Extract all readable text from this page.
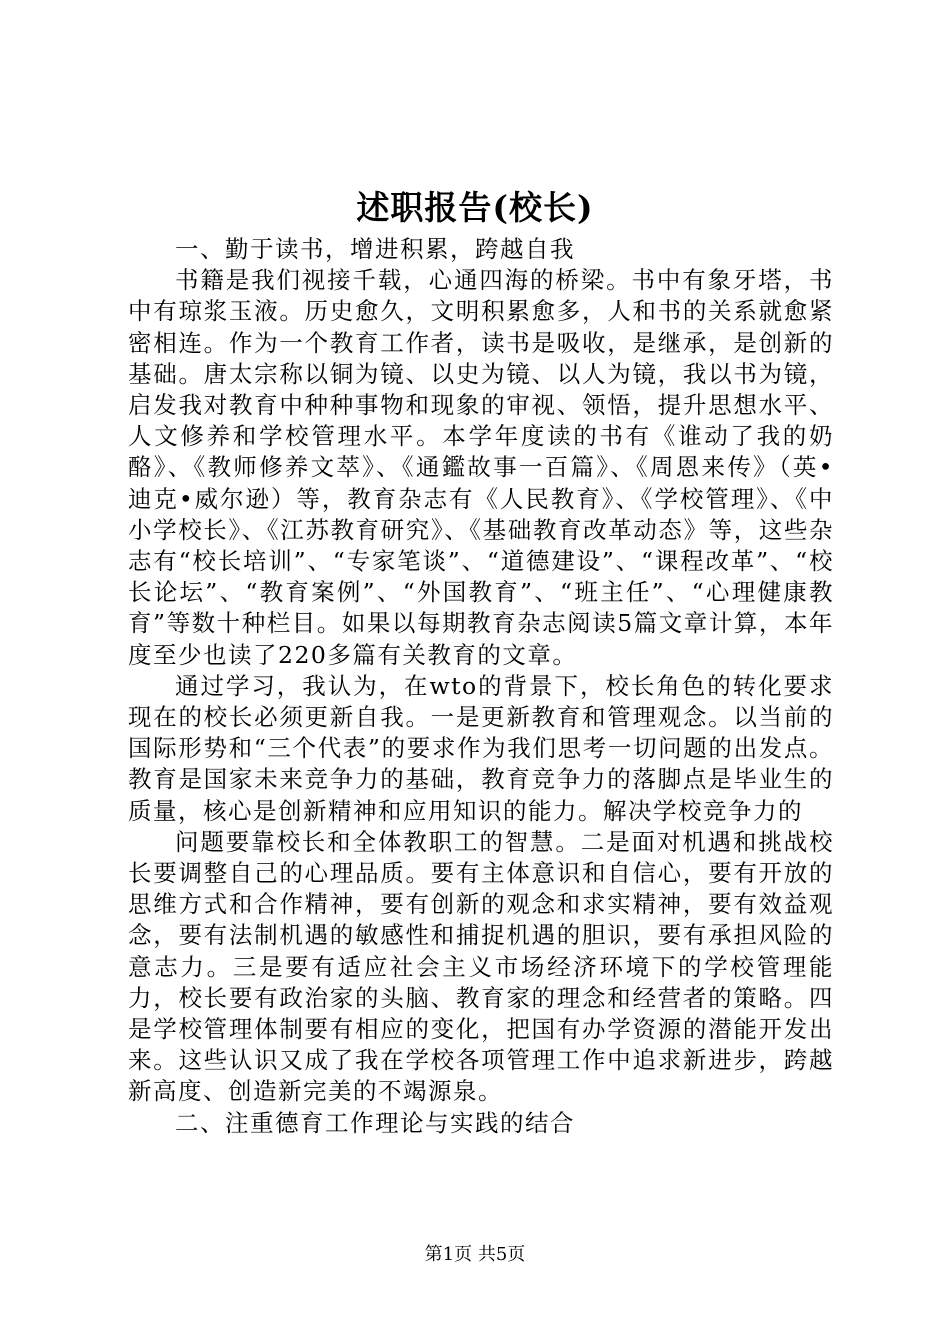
述职报告(校长)

一、勤于读书，增进积累，跨越自我

书籍是我们视接千载，心通四海的桥梁。书中有象牙塔，书中有琼浆玉液。历史愈久，文明积累愈多，人和书的关系就愈紧密相连。作为一个教育工作者，读书是吸收，是继承，是创新的基础。唐太宗称以铜为镜、以史为镜、以人为镜，我以书为镜，启发我对教育中种种事物和现象的审视、领悟，提升思想水平、人文修养和学校管理水平。本学年度读的书有《谁动了我的奶酪》、《教师修养文萃》、《通鑑故事一百篇》、《周恩来传》（英•迪克•威尔逊）等，教育杂志有《人民教育》、《学校管理》、《中小学校长》、《江苏教育研究》、《基础教育改革动态》等，这些杂志有“校长培训”、“专家笔谈”、“道德建设”、“课程改革”、“校长论坛”、“教育案例”、“外国教育”、“班主任”、“心理健康教育”等数十种栏目。如果以每期教育杂志阅读5篇文章计算，本年度至少也读了220多篇有关教育的文章。

通过学习，我认为，在wto的背景下，校长角色的转化要求现在的校长必须更新自我。一是更新教育和管理观念。以当前的国际形势和“三个代表”的要求作为我们思考一切问题的出发点。教育是国家未来竞争力的基础，教育竞争力的落脚点是毕业生的质量，核心是创新精神和应用知识的能力。解决学校竞争力的

问题要靠校长和全体教职工的智慧。二是面对机遇和挑战校长要调整自己的心理品质。要有主体意识和自信心，要有开放的思维方式和合作精神，要有创新的观念和求实精神，要有效益观念，要有法制机遇的敏感性和捕捉机遇的胆识，要有承担风险的意志力。三是要有适应社会主义市场经济环境下的学校管理能力，校长要有政治家的头脑、教育家的理念和经营者的策略。四是学校管理体制要有相应的变化，把国有办学资源的潜能开发出来。这些认识又成了我在学校各项管理工作中追求新进步，跨越新高度、创造新完美的不竭源泉。

二、注重德育工作理论与实践的结合

第1页 共5页
